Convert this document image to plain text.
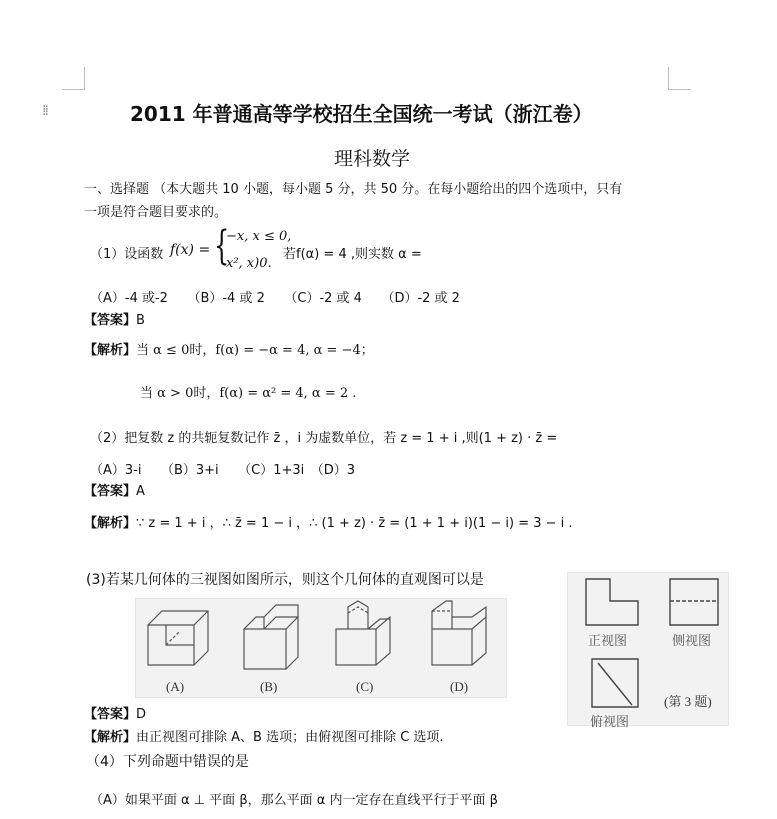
⁞⁞	2011 年普通高等学校招生全国统一考试（浙江卷）
理科数学
一、选择题 （本大题共 10 小题，每小题 5 分，共 50 分。在每小题给出的四个选项中，只有
一项是符合题目要求的。
（1）设函数 f(x) = {
−x, x ≤ 0,
x², x)0.
若f(α) = 4 ,则实数 α =
（A）-4 或-2　　（B）-4 或 2　　（C）-2 或 4　　（D）-2 或 2
【答案】B
【解析】当 α ≤ 0时，f(α) = −α = 4, α = −4；
当 α > 0时，f(α) = α² = 4, α = 2 .
（2）把复数 z 的共轭复数记作 z̄ ，i 为虚数单位，若 z = 1 + i ,则(1 + z) · z̄ =
（A）3-i　　（B）3+i　　（C）1+3i　（D）3
【答案】A
【解析】∵ z = 1 + i ，∴ z̄ = 1 − i ，∴ (1 + z) · z̄ = (1 + 1 + i)(1 − i) = 3 − i .
(3)若某几何体的三视图如图所示，则这个几何体的直观图可以是
(A)	(B)	(C)	(D)
正视图	侧视图
俯视图
(第 3 题)
【答案】D
【解析】由正视图可排除 A、B 选项；由俯视图可排除 C 选项.
（4）下列命题中错误的是
（A）如果平面 α ⊥ 平面 β，那么平面 α 内一定存在直线平行于平面 β
